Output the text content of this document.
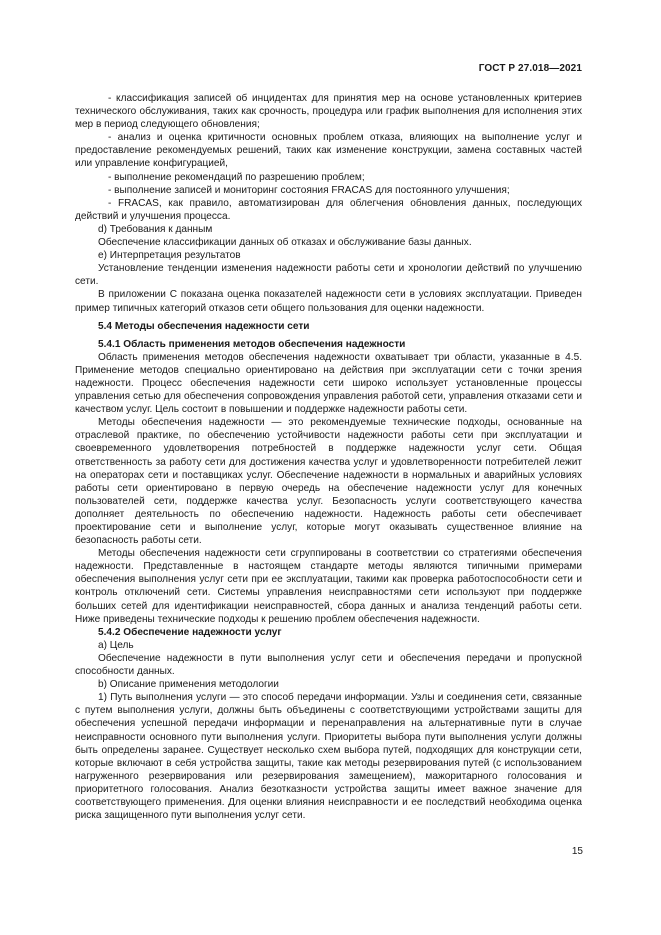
ГОСТ Р 27.018—2021

- классификация записей об инцидентах для принятия мер на основе установленных критериев технического обслуживания, таких как срочность, процедура или график выполнения для исполнения этих мер в период следующего обновления;

- анализ и оценка критичности основных проблем отказа, влияющих на выполнение услуг и предоставление рекомендуемых решений, таких как изменение конструкции, замена составных частей или управление конфигурацией,

- выполнение рекомендаций по разрешению проблем;

- выполнение записей и мониторинг состояния FRACAS для постоянного улучшения;

- FRACAS, как правило, автоматизирован для облегчения обновления данных, последующих действий и улучшения процесса.

d) Требования к данным

Обеспечение классификации данных об отказах и обслуживание базы данных.

e) Интерпретация результатов

Установление тенденции изменения надежности работы сети и хронологии действий по улучшению сети.

В приложении С показана оценка показателей надежности сети в условиях эксплуатации. Приведен пример типичных категорий отказов сети общего пользования для оценки надежности.

5.4 Методы обеспечения надежности сети

5.4.1 Область применения методов обеспечения надежности

Область применения методов обеспечения надежности охватывает три области, указанные в 4.5. Применение методов специально ориентировано на действия при эксплуатации сети с точки зрения надежности. Процесс обеспечения надежности сети широко использует установленные процессы управления сетью для обеспечения сопровождения управления работой сети, управления отказами сети и качеством услуг. Цель состоит в повышении и поддержке надежности работы сети.

Методы обеспечения надежности — это рекомендуемые технические подходы, основанные на отраслевой практике, по обеспечению устойчивости надежности работы сети при эксплуатации и своевременного удовлетворения потребностей в поддержке надежности услуг сети. Общая ответственность за работу сети для достижения качества услуг и удовлетворенности потребителей лежит на операторах сети и поставщиках услуг. Обеспечение надежности в нормальных и аварийных условиях работы сети ориентировано в первую очередь на обеспечение надежности услуг для конечных пользователей сети, поддержке качества услуг. Безопасность услуги соответствующего качества дополняет деятельность по обеспечению надежности. Надежность работы сети обеспечивает проектирование сети и выполнение услуг, которые могут оказывать существенное влияние на безопасность работы сети.

Методы обеспечения надежности сети сгруппированы в соответствии со стратегиями обеспечения надежности. Представленные в настоящем стандарте методы являются типичными примерами обеспечения выполнения услуг сети при ее эксплуатации, такими как проверка работоспособности сети и контроль отключений сети. Системы управления неисправностями сети используют при поддержке больших сетей для идентификации неисправностей, сбора данных и анализа тенденций работы сети. Ниже приведены технические подходы к решению проблем обеспечения надежности.

5.4.2 Обеспечение надежности услуг

a) Цель

Обеспечение надежности в пути выполнения услуг сети и обеспечения передачи и пропускной способности данных.

b) Описание применения методологии

1) Путь выполнения услуги — это способ передачи информации. Узлы и соединения сети, связанные с путем выполнения услуги, должны быть объединены с соответствующими устройствами защиты для обеспечения успешной передачи информации и перенаправления на альтернативные пути в случае неисправности основного пути выполнения услуги. Приоритеты выбора пути выполнения услуги должны быть определены заранее. Существует несколько схем выбора путей, подходящих для конструкции сети, которые включают в себя устройства защиты, такие как методы резервирования путей (с использованием нагруженного резервирования или резервирования замещением), мажоритарного голосования и приоритетного голосования. Анализ безотказности устройства защиты имеет важное значение для соответствующего применения. Для оценки влияния неисправности и ее последствий необходима оценка риска защищенного пути выполнения услуг сети.

15
